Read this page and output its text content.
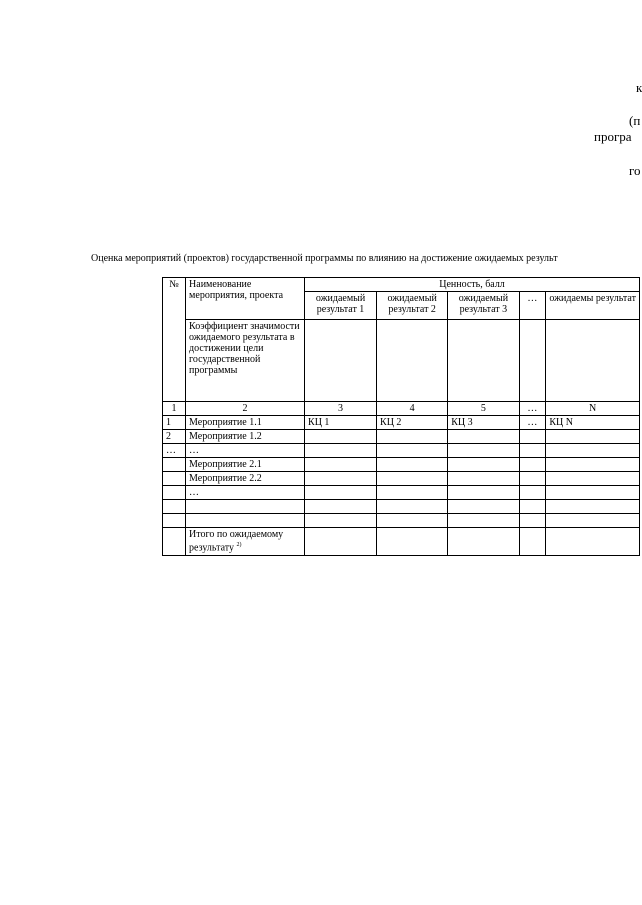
к
(п
програ
го
Оценка мероприятий (проектов) государственной программы по влиянию на достижение ожидаемых результ
№	Наименование мероприятия, проекта	Ценность, балл				
		ожидаемый результат 1	ожидаемый результат 2	ожидаемый результат 3	…	ожидаемы результат
	Коэффициент значимости ожидаемого результата в достижении цели государственной программы					
1	2	3	4	5	…	N
1	Мероприятие 1.1	КЦ 1	КЦ 2	КЦ 3	…	КЦ N
2	Мероприятие 1.2					
…	…					
	Мероприятие 2.1					
	Мероприятие 2.2					
	…					

	Итого по ожидаемому результату $^{2)}$					
